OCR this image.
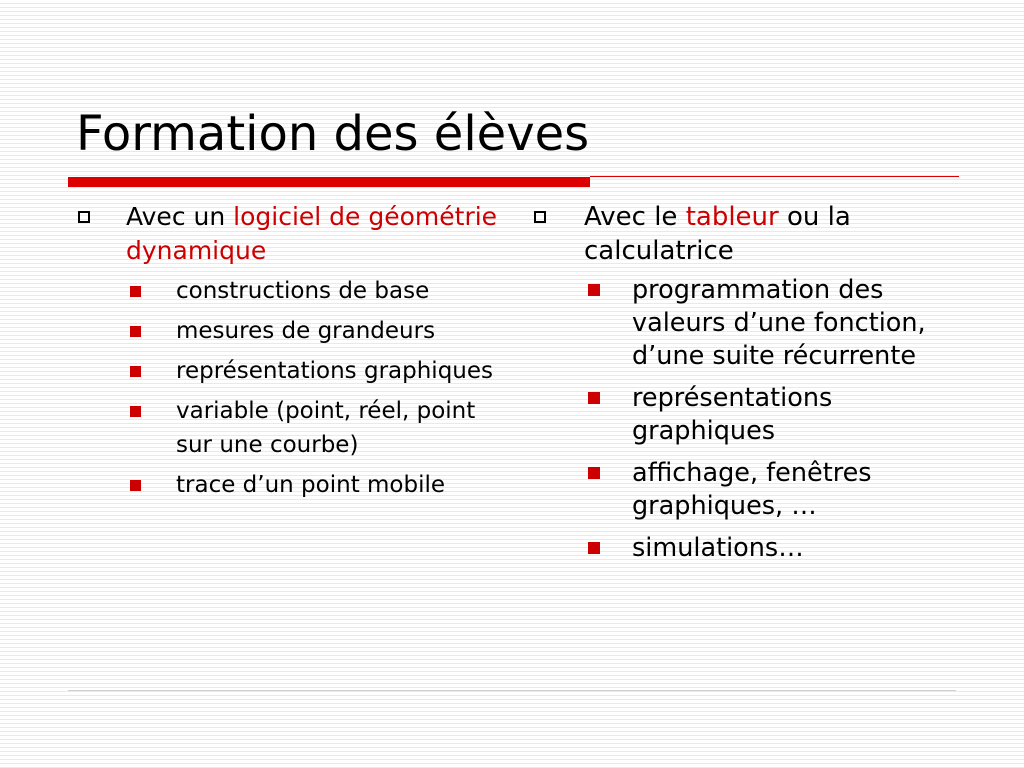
Formation des élèves
Avec un logiciel de géométrie dynamique
constructions de base
mesures de grandeurs
représentations graphiques
variable (point, réel, point sur une courbe)
trace d’un point mobile
Avec le tableur ou la calculatrice
programmation des valeurs d’une fonction, d’une suite récurrente
représentations graphiques
affichage, fenêtres graphiques, …
simulations…
